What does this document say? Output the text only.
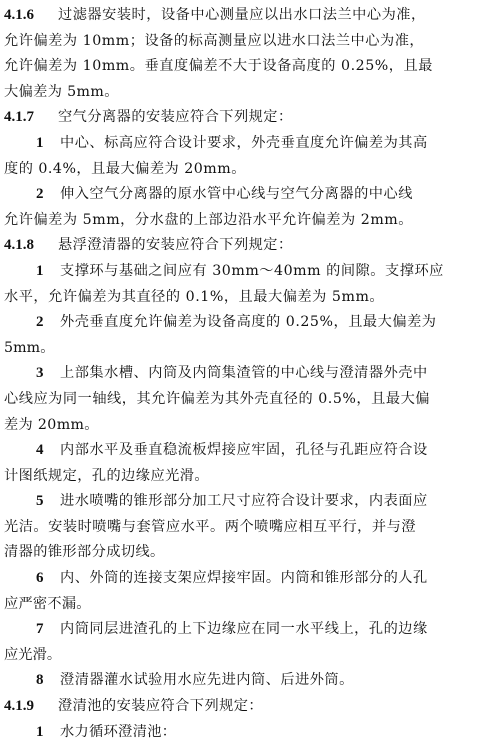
4.1.6 过滤器安装时，设备中心测量应以出水口法兰中心为准，
允许偏差为 10mm；设备的标高测量应以进水口法兰中心为准，
允许偏差为 10mm。垂直度偏差不大于设备高度的 0.25%，且最
大偏差为 5mm。
4.1.7 空气分离器的安装应符合下列规定：
1 中心、标高应符合设计要求，外壳垂直度允许偏差为其高
度的 0.4%，且最大偏差为 20mm。
2 伸入空气分离器的原水管中心线与空气分离器的中心线
允许偏差为 5mm，分水盘的上部边沿水平允许偏差为 2mm。
4.1.8 悬浮澄清器的安装应符合下列规定：
1 支撑环与基础之间应有 30mm～40mm 的间隙。支撑环应
水平，允许偏差为其直径的 0.1%，且最大偏差为 5mm。
2 外壳垂直度允许偏差为设备高度的 0.25%，且最大偏差为
5mm。
3 上部集水槽、内筒及内筒集渣管的中心线与澄清器外壳中
心线应为同一轴线，其允许偏差为其外壳直径的 0.5%，且最大偏
差为 20mm。
4 内部水平及垂直稳流板焊接应牢固，孔径与孔距应符合设
计图纸规定，孔的边缘应光滑。
5 进水喷嘴的锥形部分加工尺寸应符合设计要求，内表面应
光洁。安装时喷嘴与套管应水平。两个喷嘴应相互平行，并与澄
清器的锥形部分成切线。
6 内、外筒的连接支架应焊接牢固。内筒和锥形部分的人孔
应严密不漏。
7 内筒同层进渣孔的上下边缘应在同一水平线上，孔的边缘
应光滑。
8 澄清器灌水试验用水应先进内筒、后进外筒。
4.1.9 澄清池的安装应符合下列规定：
1 水力循环澄清池：
